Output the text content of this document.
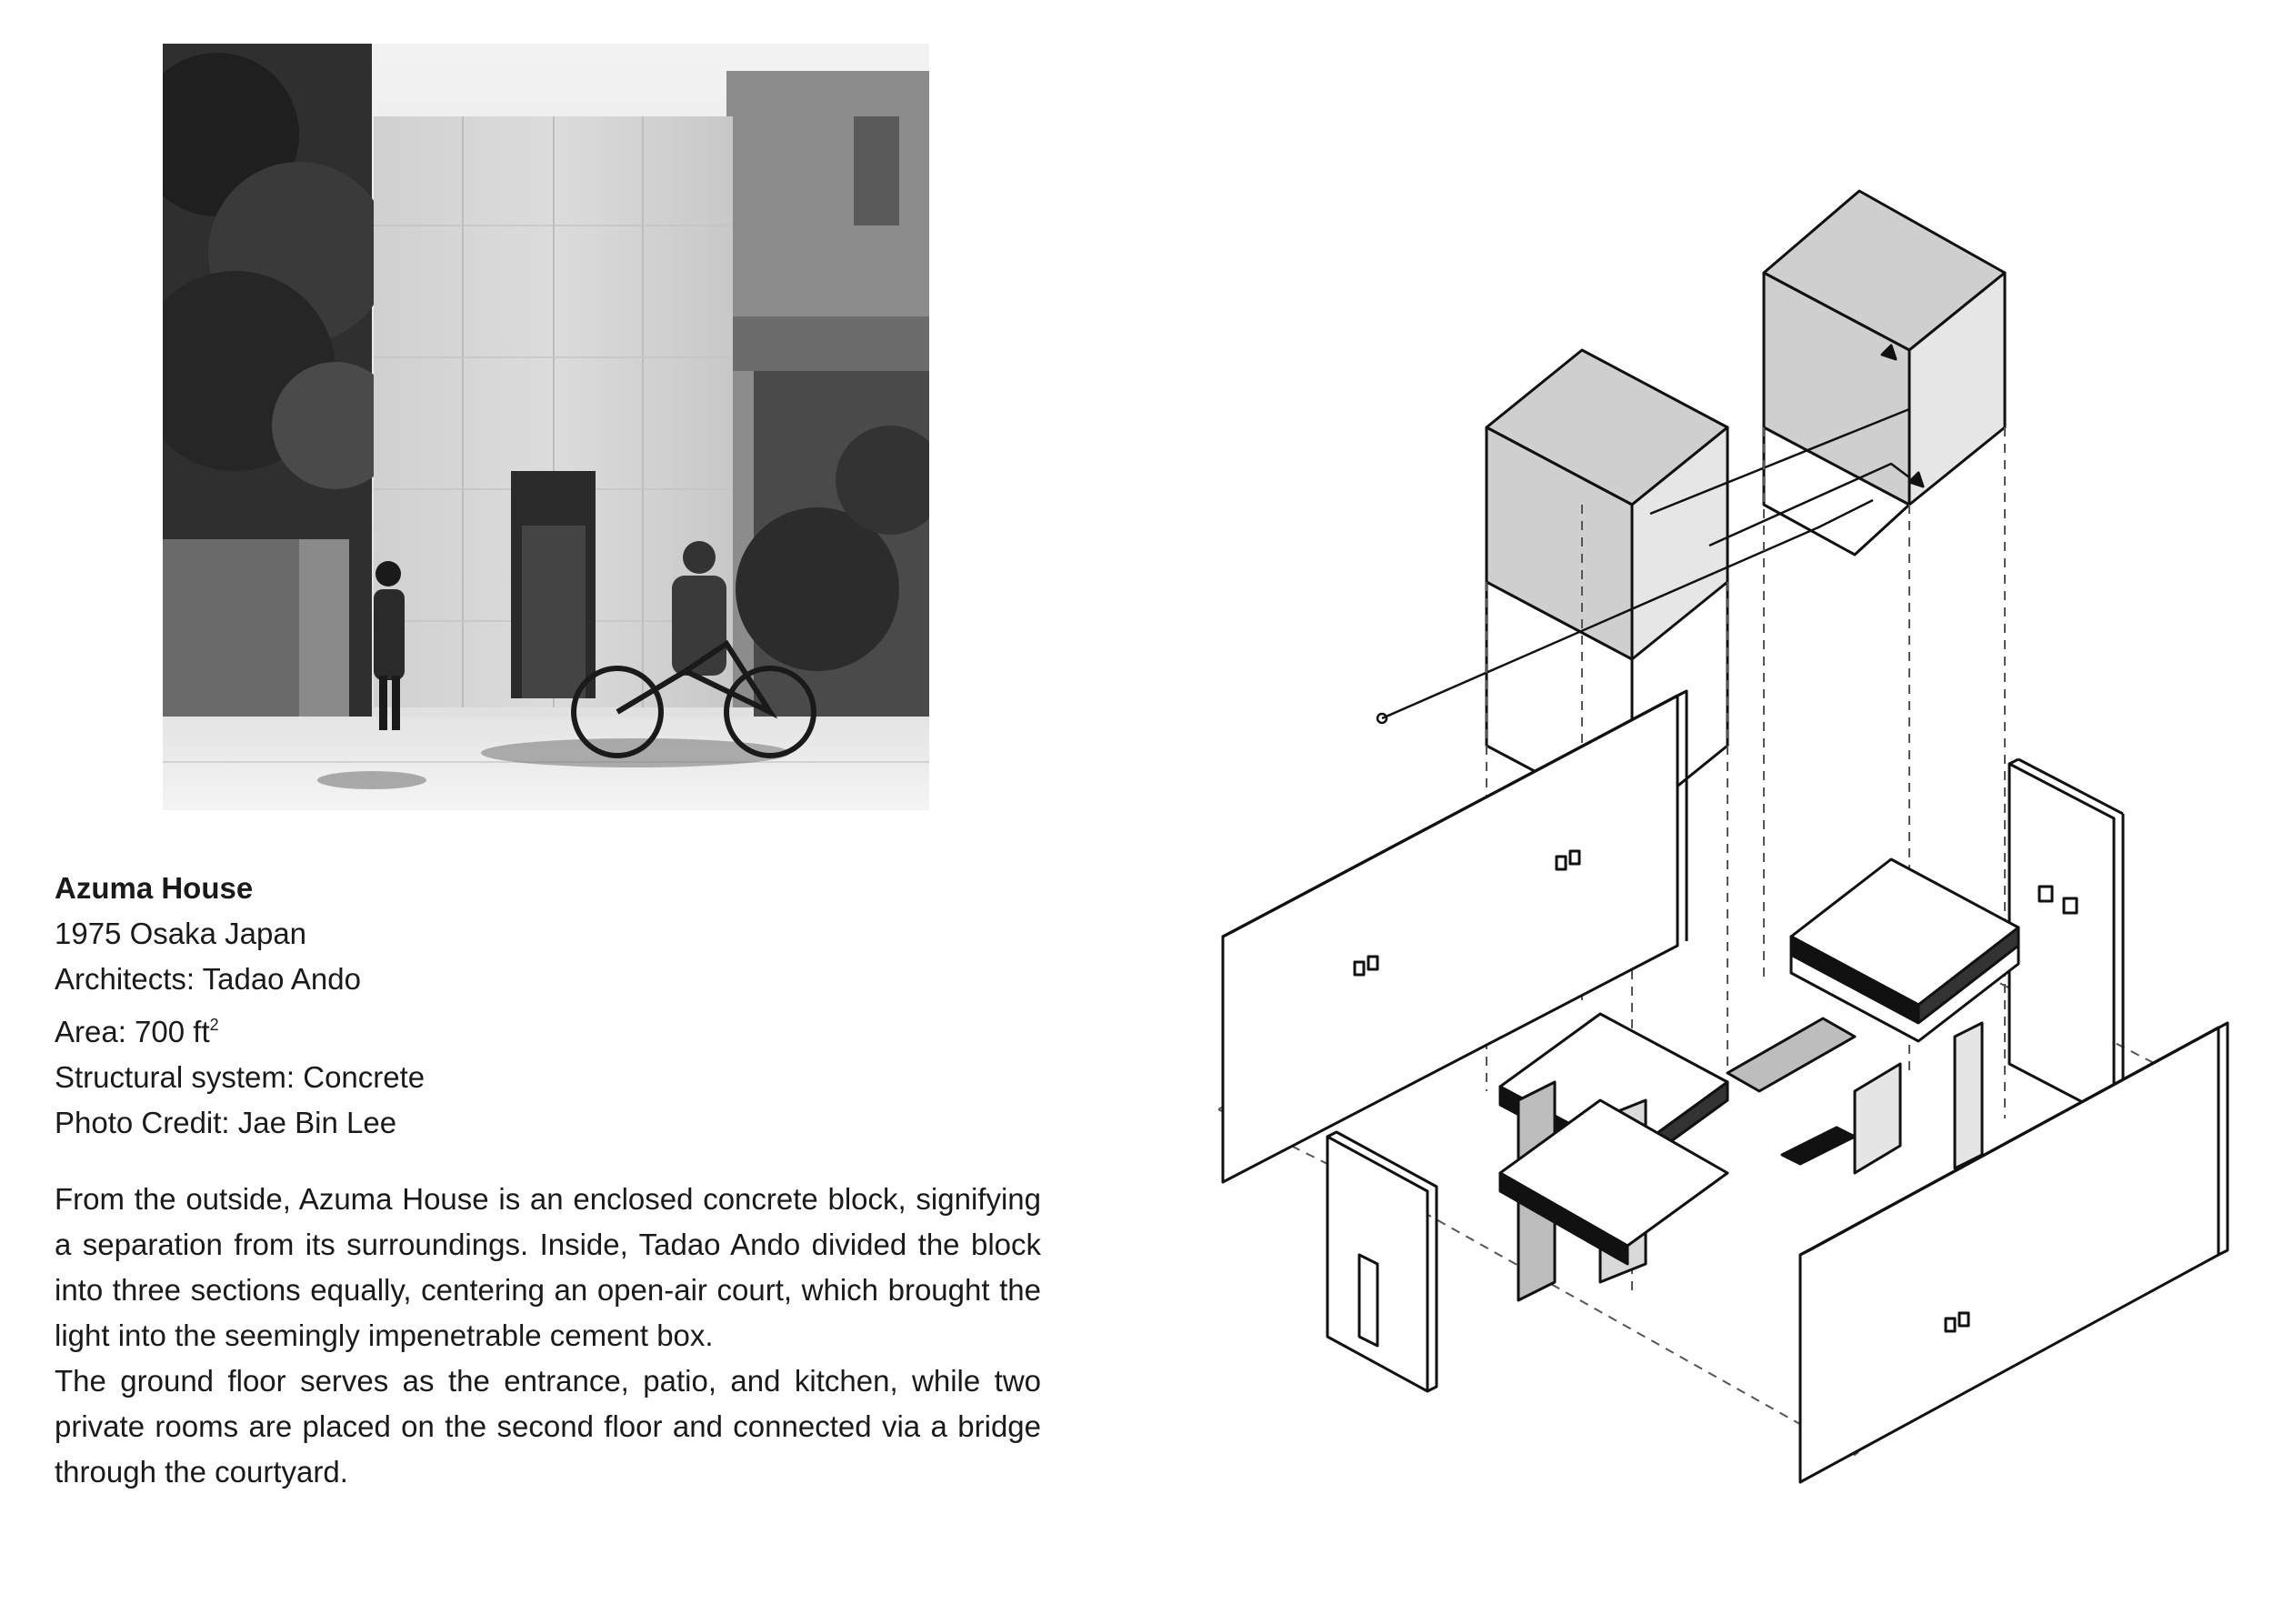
Azuma House
1975 Osaka Japan
Architects: Tadao Ando
Area: 700 $ft^2$
Structural system: Concrete
Photo Credit: Jae Bin Lee

From the outside, Azuma House is an enclosed concrete block, signifying a separation from its surroundings. Inside, Tadao Ando divided the block into three sections equally, centering an open-air court, which brought the light into the seemingly impenetrable cement box.

The ground floor serves as the entrance, patio, and kitchen, while two private rooms are placed on the second floor and connected via a bridge through the courtyard.
